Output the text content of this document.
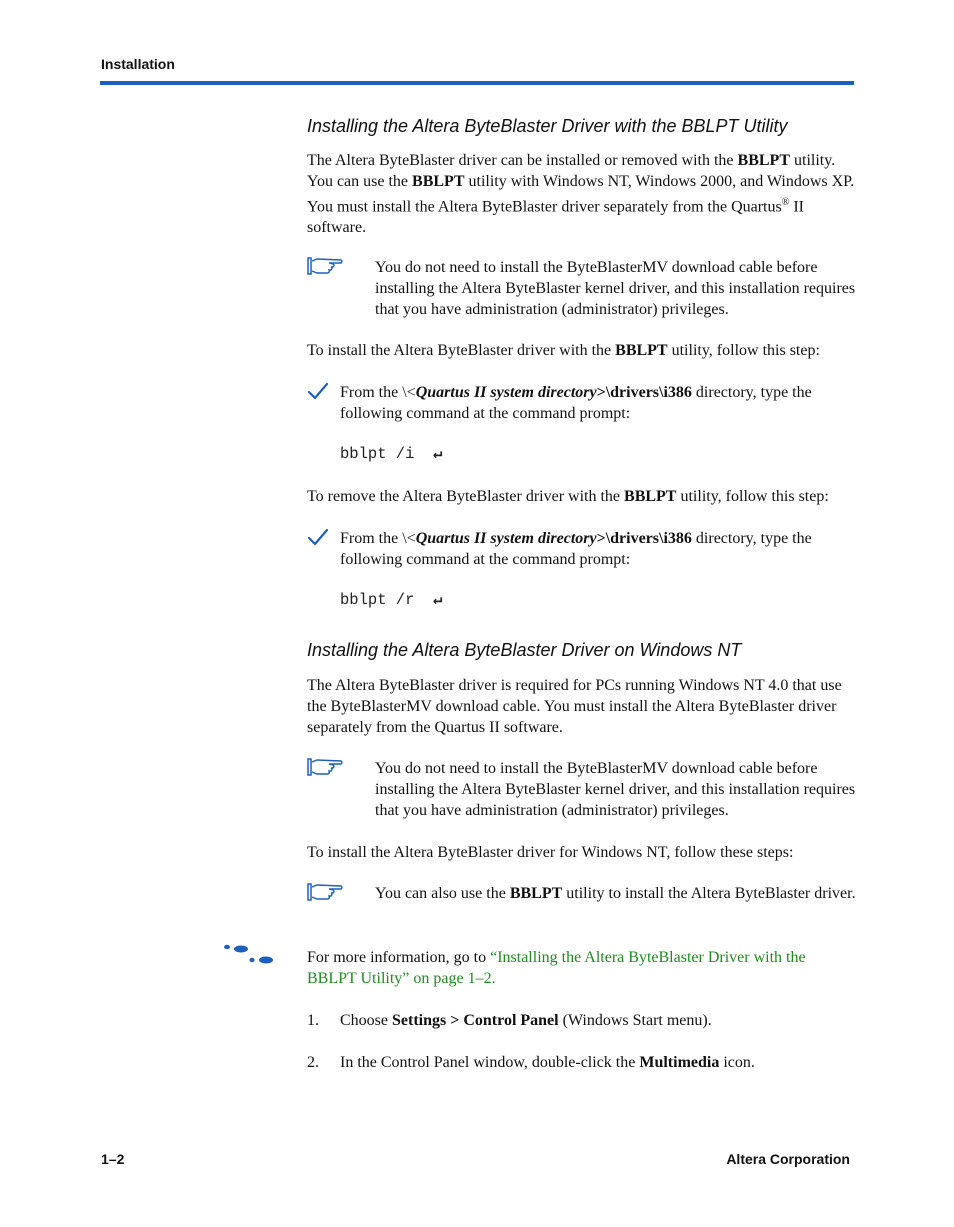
Installation
Installing the Altera ByteBlaster Driver with the BBLPT Utility
The Altera ByteBlaster driver can be installed or removed with the BBLPT utility. You can use the BBLPT utility with Windows NT, Windows 2000, and Windows XP. You must install the Altera ByteBlaster driver separately from the Quartus® II software.
You do not need to install the ByteBlasterMV download cable before installing the Altera ByteBlaster kernel driver, and this installation requires that you have administration (administrator) privileges.
To install the Altera ByteBlaster driver with the BBLPT utility, follow this step:
From the \<Quartus II system directory>\drivers\i386 directory, type the following command at the command prompt:
bblpt /i ↵
To remove the Altera ByteBlaster driver with the BBLPT utility, follow this step:
From the \<Quartus II system directory>\drivers\i386 directory, type the following command at the command prompt:
bblpt /r ↵
Installing the Altera ByteBlaster Driver on Windows NT
The Altera ByteBlaster driver is required for PCs running Windows NT 4.0 that use the ByteBlasterMV download cable. You must install the Altera ByteBlaster driver separately from the Quartus II software.
You do not need to install the ByteBlasterMV download cable before installing the Altera ByteBlaster kernel driver, and this installation requires that you have administration (administrator) privileges.
To install the Altera ByteBlaster driver for Windows NT, follow these steps:
You can also use the BBLPT utility to install the Altera ByteBlaster driver.
For more information, go to “Installing the Altera ByteBlaster Driver with the BBLPT Utility” on page 1–2.
1. Choose Settings > Control Panel (Windows Start menu).
2. In the Control Panel window, double-click the Multimedia icon.
1–2	Altera Corporation
